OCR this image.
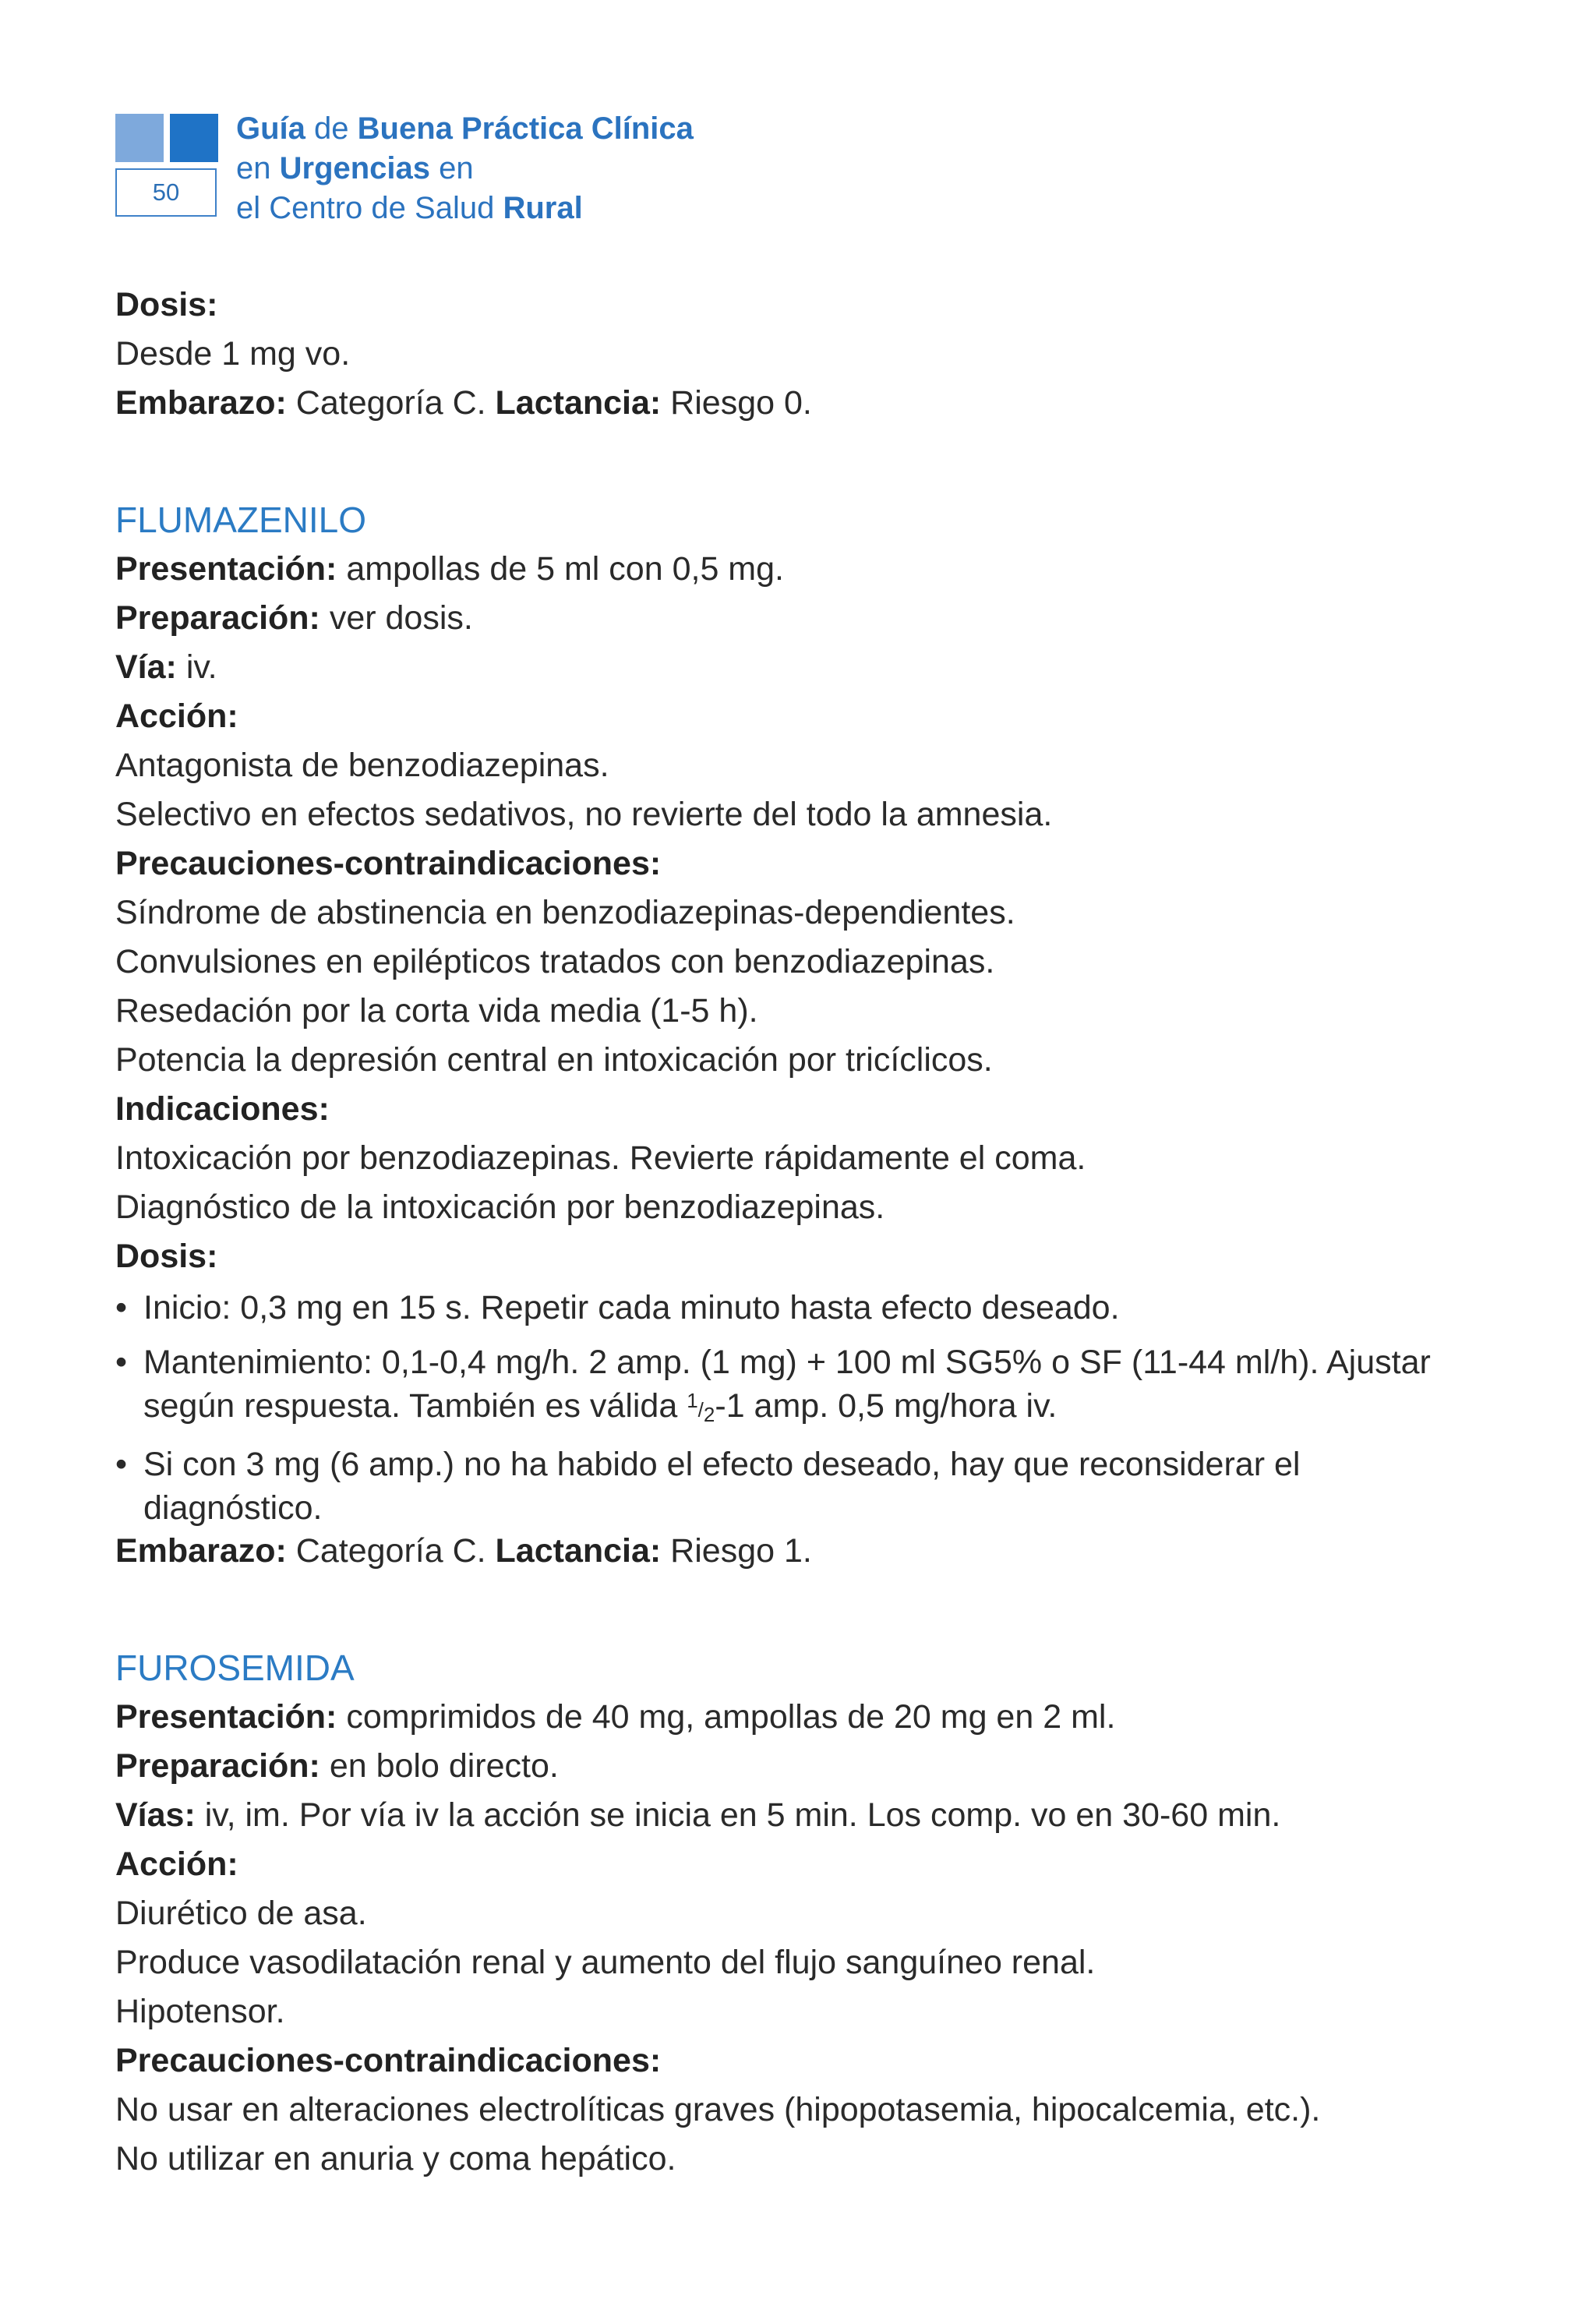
50
Guía de Buena Práctica Clínica
en Urgencias en
el Centro de Salud Rural

Dosis:

Desde 1 mg vo.

Embarazo: Categoría C. Lactancia: Riesgo 0.

FLUMAZENILO

Presentación: ampollas de 5 ml con 0,5 mg.

Preparación: ver dosis.

Vía: iv.

Acción:

Antagonista de benzodiazepinas.

Selectivo en efectos sedativos, no revierte del todo la amnesia.

Precauciones-contraindicaciones:

Síndrome de abstinencia en benzodiazepinas-dependientes.

Convulsiones en epilépticos tratados con benzodiazepinas.

Resedación por la corta vida media (1-5 h).

Potencia la depresión central en intoxicación por tricíclicos.

Indicaciones:

Intoxicación por benzodiazepinas. Revierte rápidamente el coma.

Diagnóstico de la intoxicación por benzodiazepinas.

Dosis:

• Inicio: 0,3 mg en 15 s. Repetir cada minuto hasta efecto deseado.
• Mantenimiento: 0,1-0,4 mg/h. 2 amp. (1 mg) + 100 ml SG5% o SF (11-44 ml/h). Ajustar según respuesta. También es válida 1/2-1 amp. 0,5 mg/hora iv.
• Si con 3 mg (6 amp.) no ha habido el efecto deseado, hay que reconsiderar el diagnóstico.

Embarazo: Categoría C. Lactancia: Riesgo 1.

FUROSEMIDA

Presentación: comprimidos de 40 mg, ampollas de 20 mg en 2 ml.

Preparación: en bolo directo.

Vías: iv, im. Por vía iv la acción se inicia en 5 min. Los comp. vo en 30-60 min.

Acción:

Diurético de asa.

Produce vasodilatación renal y aumento del flujo sanguíneo renal.

Hipotensor.

Precauciones-contraindicaciones:

No usar en alteraciones electrolíticas graves (hipopotasemia, hipocalcemia, etc.).

No utilizar en anuria y coma hepático.
